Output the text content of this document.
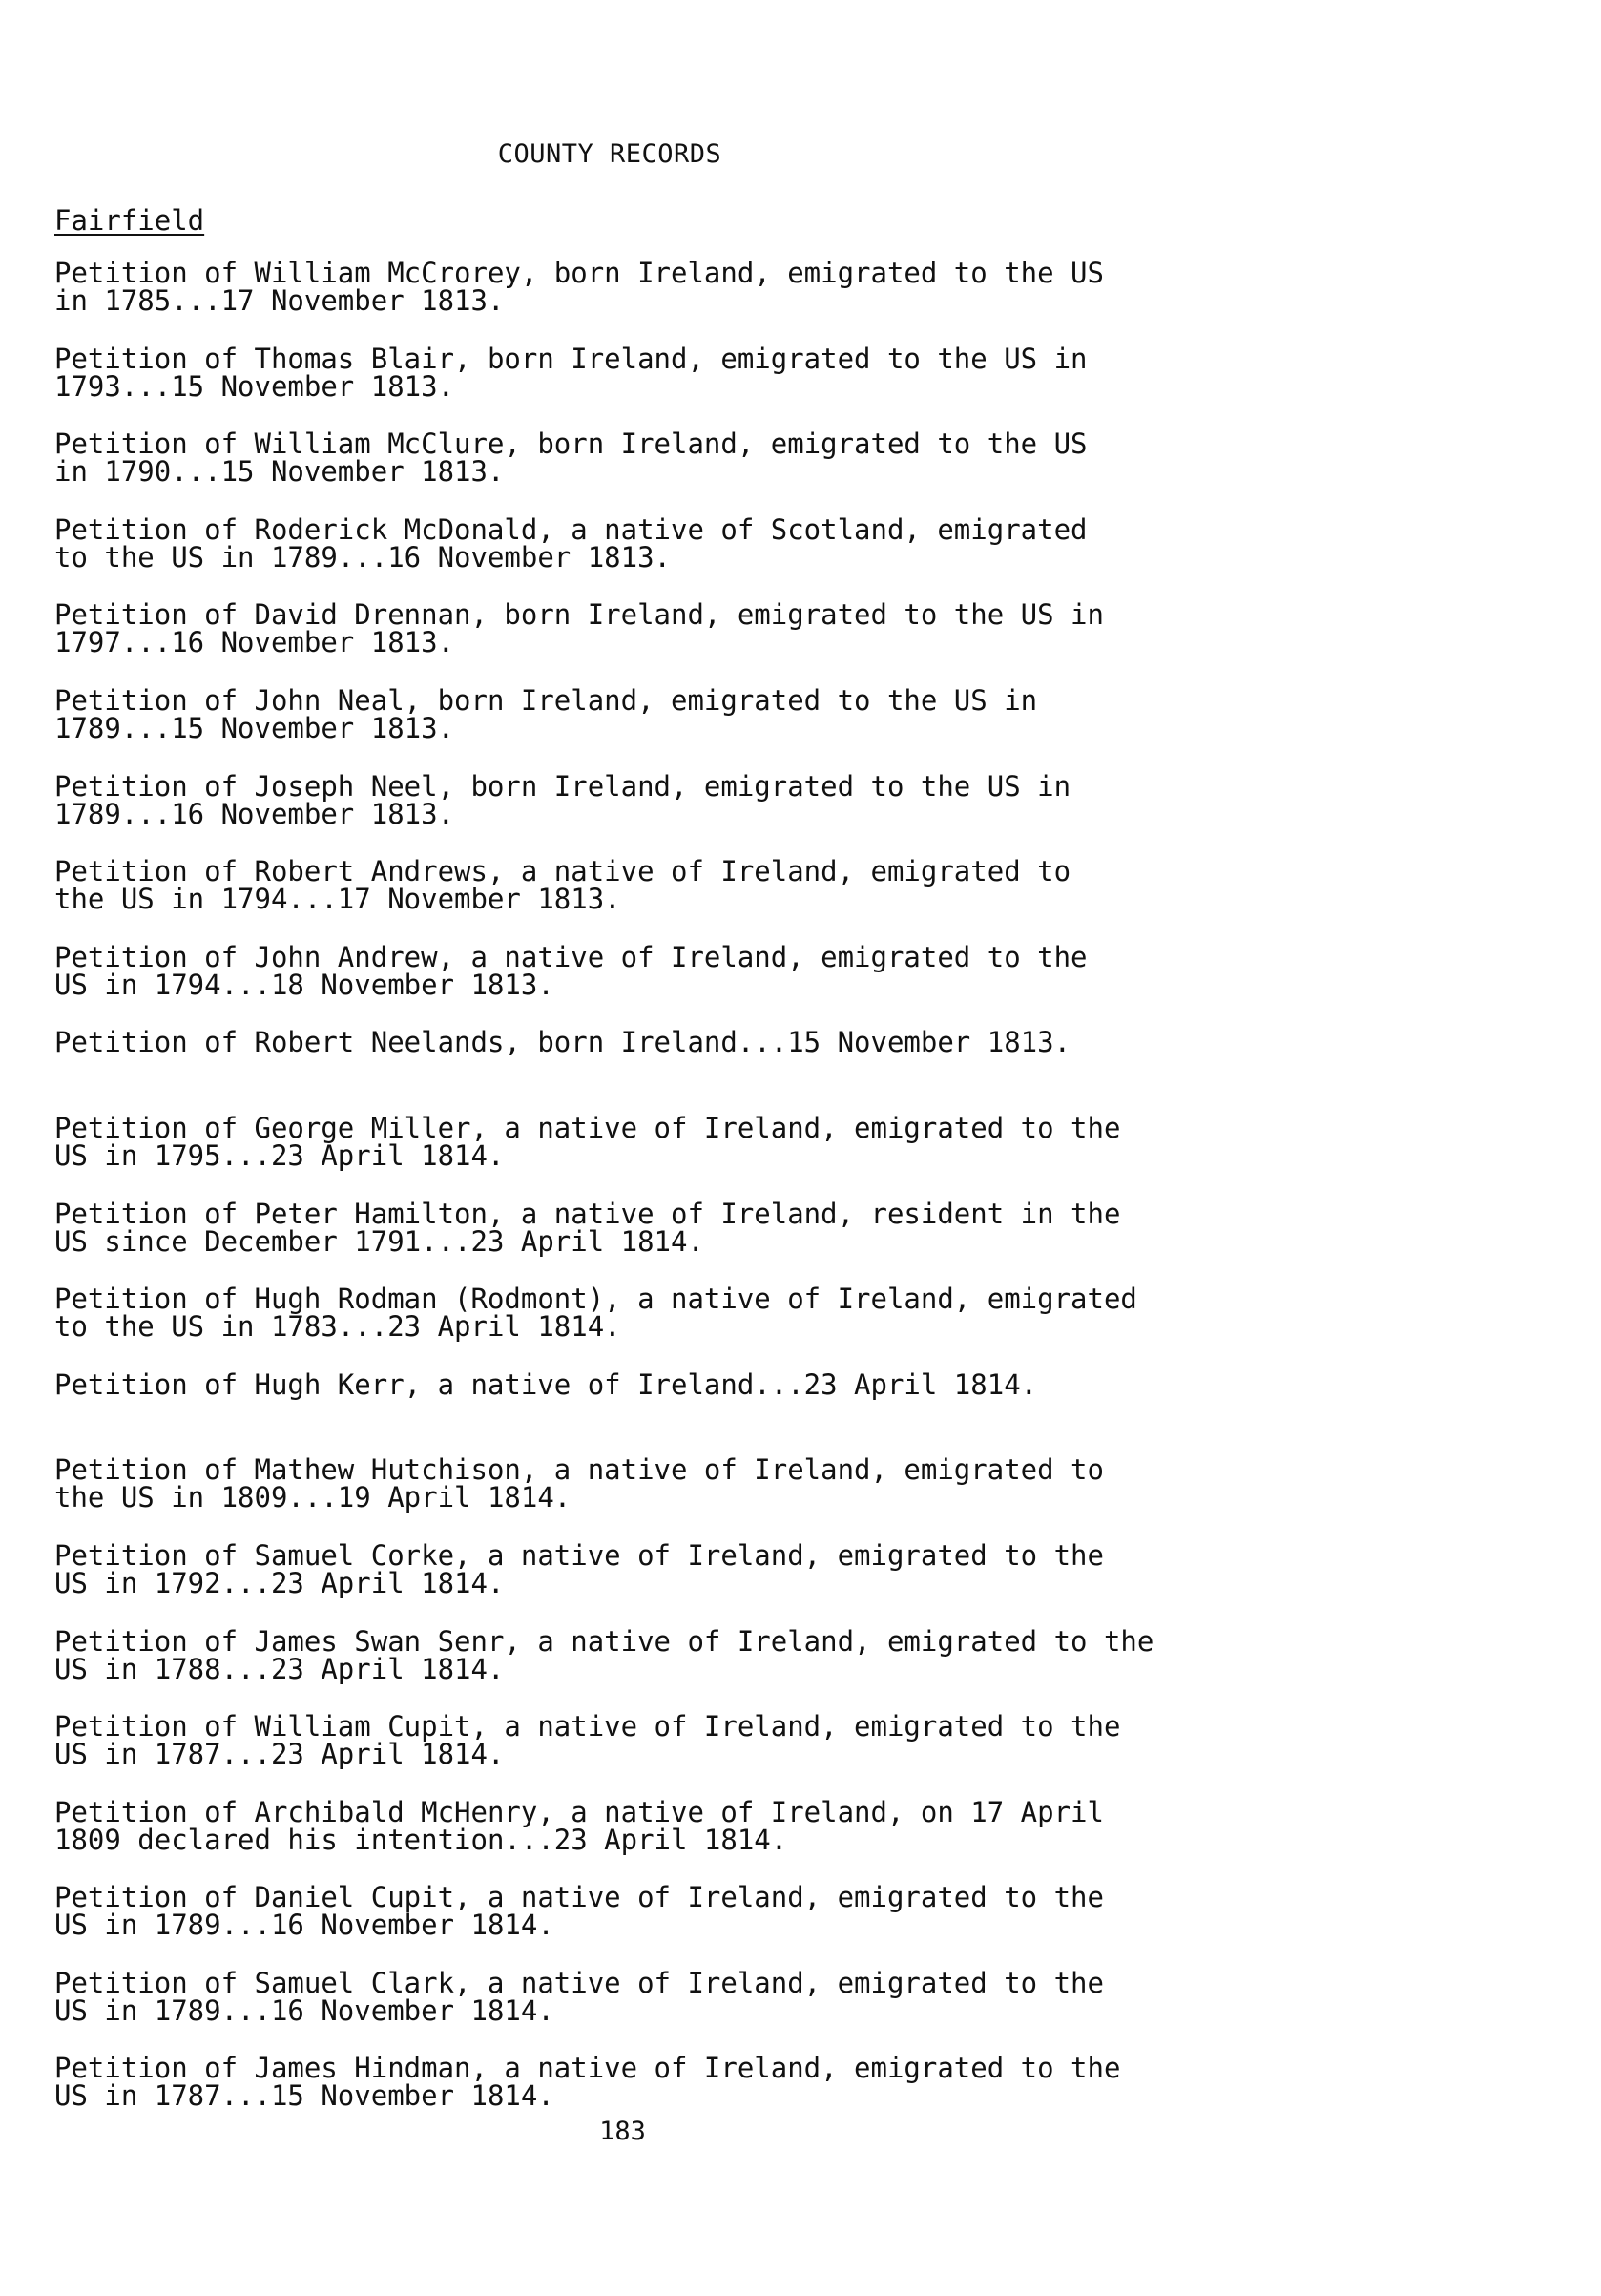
COUNTY RECORDS
Fairfield
Petition of William McCrorey, born Ireland, emigrated to the US
in 1785...17 November 1813.
Petition of Thomas Blair, born Ireland, emigrated to the US in
1793...15 November 1813.
Petition of William McClure, born Ireland, emigrated to the US
in 1790...15 November 1813.
Petition of Roderick McDonald, a native of Scotland, emigrated
to the US in 1789...16 November 1813.
Petition of David Drennan, born Ireland, emigrated to the US in
1797...16 November 1813.
Petition of John Neal, born Ireland, emigrated to the US in
1789...15 November 1813.
Petition of Joseph Neel, born Ireland, emigrated to the US in
1789...16 November 1813.
Petition of Robert Andrews, a native of Ireland, emigrated to
the US in 1794...17 November 1813.
Petition of John Andrew, a native of Ireland, emigrated to the
US in 1794...18 November 1813.
Petition of Robert Neelands, born Ireland...15 November 1813.
Petition of George Miller, a native of Ireland, emigrated to the
US in 1795...23 April 1814.
Petition of Peter Hamilton, a native of Ireland, resident in the
US since December 1791...23 April 1814.
Petition of Hugh Rodman (Rodmont), a native of Ireland, emigrated
to the US in 1783...23 April 1814.
Petition of Hugh Kerr, a native of Ireland...23 April 1814.
Petition of Mathew Hutchison, a native of Ireland, emigrated to
the US in 1809...19 April 1814.
Petition of Samuel Corke, a native of Ireland, emigrated to the
US in 1792...23 April 1814.
Petition of James Swan Senr, a native of Ireland, emigrated to the
US in 1788...23 April 1814.
Petition of William Cupit, a native of Ireland, emigrated to the
US in 1787...23 April 1814.
Petition of Archibald McHenry, a native of Ireland, on 17 April
1809 declared his intention...23 April 1814.
Petition of Daniel Cupit, a native of Ireland, emigrated to the
US in 1789...16 November 1814.
Petition of Samuel Clark, a native of Ireland, emigrated to the
US in 1789...16 November 1814.
Petition of James Hindman, a native of Ireland, emigrated to the
US in 1787...15 November 1814.
183
